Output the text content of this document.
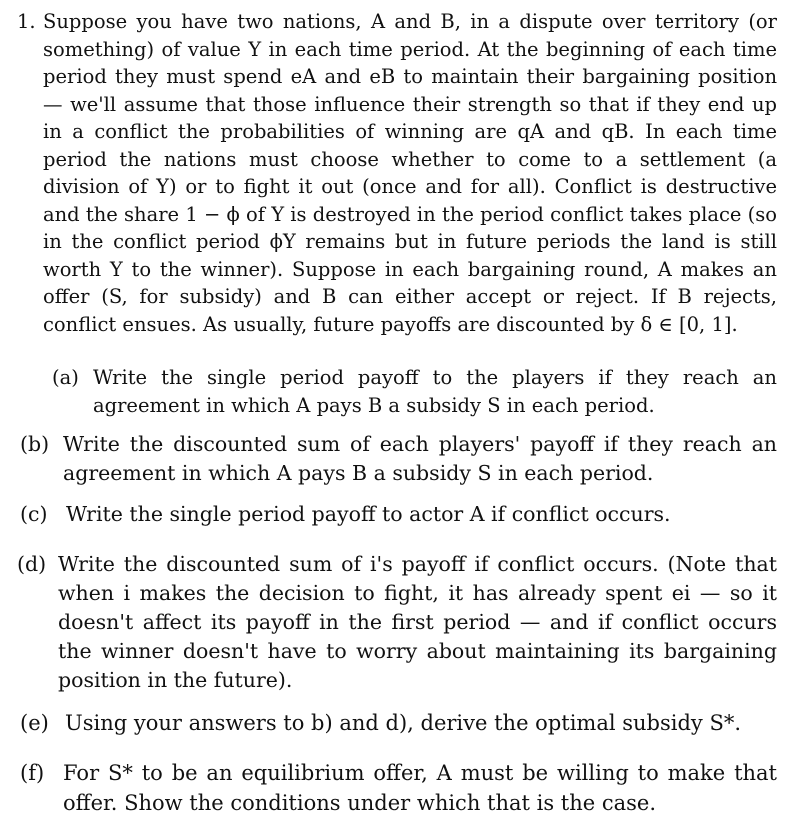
1. Suppose you have two nations, A and B, in a dispute over territory (or something) of value Y in each time period. At the beginning of each time period they must spend eA and eB to maintain their bargaining position — we'll assume that those influence their strength so that if they end up in a conflict the probabilities of winning are qA and qB. In each time period the nations must choose whether to come to a settlement (a division of Y) or to fight it out (once and for all). Conflict is destructive and the share 1 − ϕ of Y is destroyed in the period conflict takes place (so in the conflict period ϕY remains but in future periods the land is still worth Y to the winner). Suppose in each bargaining round, A makes an offer (S, for subsidy) and B can either accept or reject. If B rejects, conflict ensues. As usually, future payoffs are discounted by δ ∈ [0, 1].
(a) Write the single period payoff to the players if they reach an agreement in which A pays B a subsidy S in each period.
(b) Write the discounted sum of each players' payoff if they reach an agreement in which A pays B a subsidy S in each period.
(c) Write the single period payoff to actor A if conflict occurs.
(d) Write the discounted sum of i's payoff if conflict occurs. (Note that when i makes the decision to fight, it has already spent ei — so it doesn't affect its payoff in the first period — and if conflict occurs the winner doesn't have to worry about maintaining its bargaining position in the future).
(e) Using your answers to b) and d), derive the optimal subsidy S*.
(f) For S* to be an equilibrium offer, A must be willing to make that offer. Show the conditions under which that is the case.
